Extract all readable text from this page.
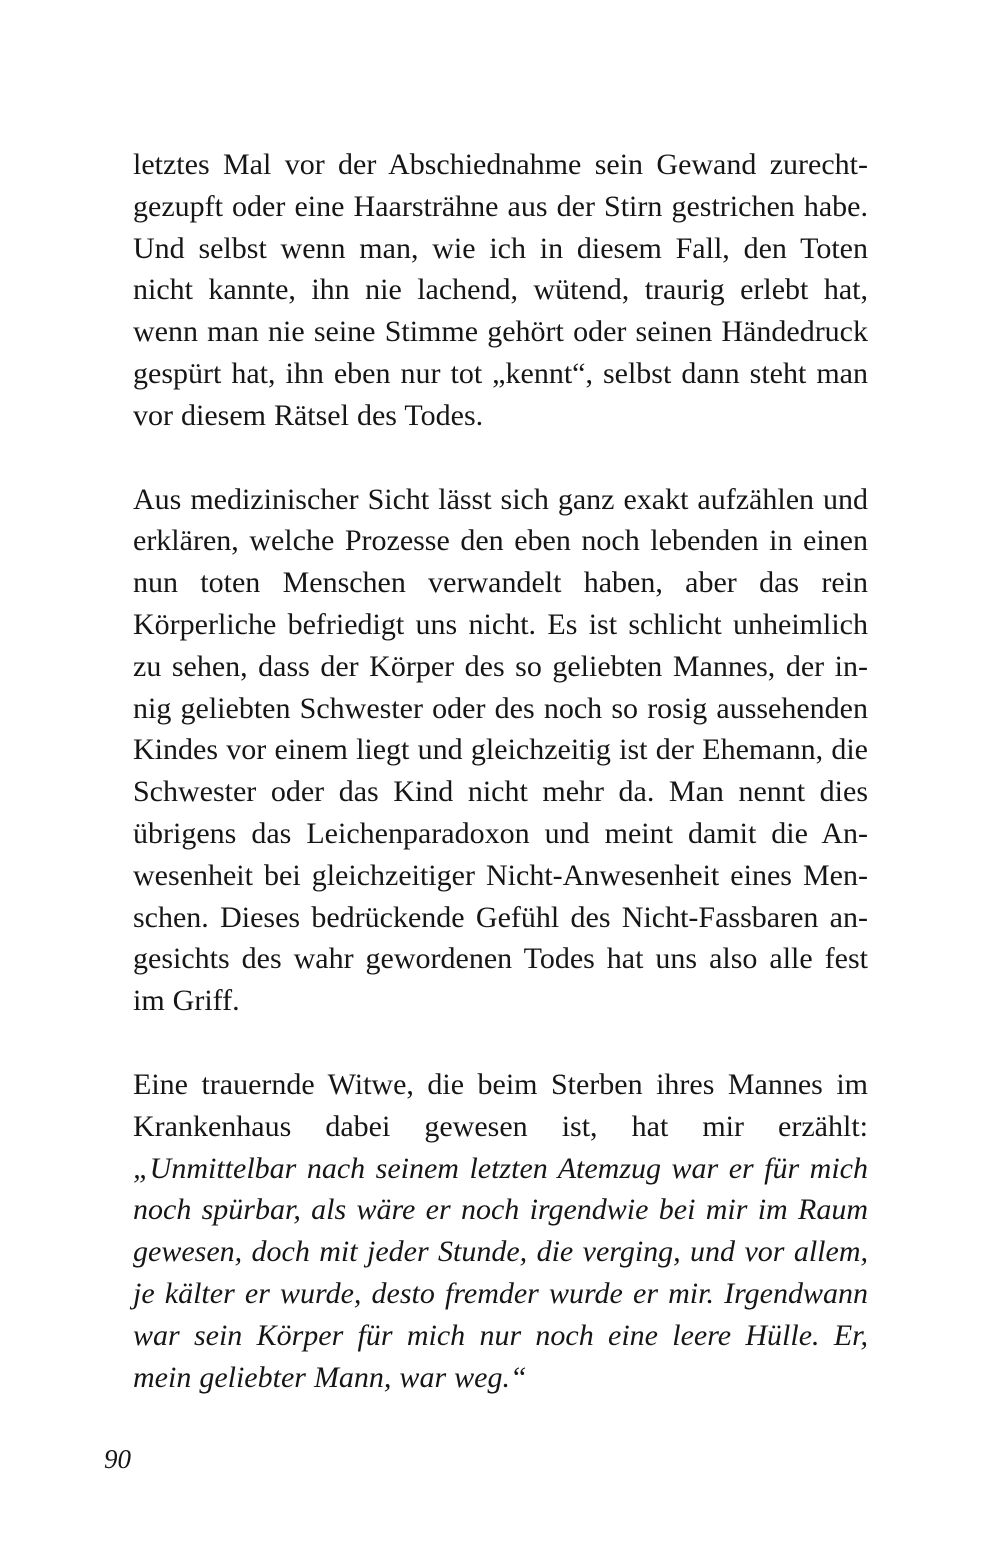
letztes Mal vor der Abschiednahme sein Gewand zurechtgezupft oder eine Haarsträhne aus der Stirn gestrichen habe. Und selbst wenn man, wie ich in diesem Fall, den Toten nicht kannte, ihn nie lachend, wütend, traurig erlebt hat, wenn man nie seine Stimme gehört oder seinen Händedruck gespürt hat, ihn eben nur tot „kennt“, selbst dann steht man vor diesem Rätsel des Todes.

Aus medizinischer Sicht lässt sich ganz exakt aufzählen und erklären, welche Prozesse den eben noch lebenden in einen nun toten Menschen verwandelt haben, aber das rein Körperliche befriedigt uns nicht. Es ist schlicht unheimlich zu sehen, dass der Körper des so geliebten Mannes, der innig geliebten Schwester oder des noch so rosig aussehenden Kindes vor einem liegt und gleichzeitig ist der Ehemann, die Schwester oder das Kind nicht mehr da. Man nennt dies übrigens das Leichenparadoxon und meint damit die Anwesenheit bei gleichzeitiger Nicht-Anwesenheit eines Menschen. Dieses bedrückende Gefühl des Nicht-Fassbaren angesichts des wahr gewordenen Todes hat uns also alle fest im Griff.

Eine trauernde Witwe, die beim Sterben ihres Mannes im Krankenhaus dabei gewesen ist, hat mir erzählt: „Unmittelbar nach seinem letzten Atemzug war er für mich noch spürbar, als wäre er noch irgendwie bei mir im Raum gewesen, doch mit jeder Stunde, die verging, und vor allem, je kälter er wurde, desto fremder wurde er mir. Irgendwann war sein Körper für mich nur noch eine leere Hülle. Er, mein geliebter Mann, war weg.“

90
